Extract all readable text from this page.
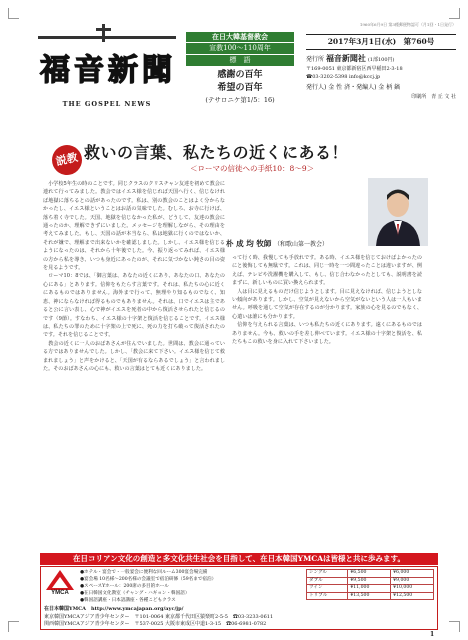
福 音 新 聞
THE GOSPEL NEWS
在日大韓基督教会
宣教100〜110周年
標　語
感謝の百年
希望の百年
(テサロニケ第1/5：16)
1960年6月9日 第3種郵便物認可（月1回・1日発行）
2017年3月1日(水)　第760号
発行所 福音新聞社 (1部100円)
〒169-0051 東京都新宿区西早稲田2-3-18
☎03-3202-5398 info@kccj.jp
発行人) 金 性 済・発編人) 金 柄 鎬
印刷所　青 丘 文 社
説教 救いの言葉、私たちの近くにある！
＜ローマの信徒への手紙10：8〜9＞
朴 成 均 牧師 （和歌山第一教会）

　小学校5年生の時のことです。同じクラスのクリスチャン友達を初めて教会に連れて行ってみました。教会ではイエス様を信じれば天国へ行く、信じなければ地獄に落ちるとの話があったのです。私は、別の教会のことはよく分からなかったし、イエス様ということはお話の気味でした。むしろ、お寺に行けば、落ち着く寺でした。天国、地獄を信じなかった私が、どうして、友達の教会に通ったのか、理解できずにいました。メッセージを理解しながら、その理由を考えてみました。もし、天国の話が本当なら、私は地獄に行くのではないか、それが嫌で、理解まで出来ないかを確認しました。しかし、イエス様を信じるようになったのは、それから十年後でした。今、振り返ってみれば、イエス様の方から私を導き、いつも身近にあったのが、それに気づかない鈍さの目の姿を見るようです。

　ローマ10：8では、「御言葉は、あなたの近くにあり、あなたの口、あなたの心にある」とあります。信仰をもたらす言葉です。それは、私たちの心に近くにあるものではありません。海外まで行って、無理やり知るものでなく、知恵、神にならなければ得るものでもありません。それは、口でイエスは主であると公に言い表し、心で神がイエスを死者の中から復活させられたと信じるのです（9節）。すなわち、イエス様の十字架と復活を信じることです。イエス様は、私たちの罪のために十字架の上で死に、死の力を打ち破って復活されたのです。それを信じることです。

　教会の近くに一人のおばあさんが住んでいました。世間は、教会に通っている方ではありませんでした。しかし、「教会に来て下さい。イエス様を信じて救まれましょう」と声をかけると、「天国が有るならあるでしょう」と言われました。そのおばあさんの心にも、救いの言葉はとても近くにありました。

って行く時、我慢しても手放れです。ある時、イエス様を信じておけばよかったのにと後悔しても無駄です。これは、同じ一時を一つ間違ったことは違いますが、例えば、テレビや洗濯機を購入して、もし、信じ合わなかったとしても、説明書を読まずに、新しいものに買い換えられます。

　人は目に見えるものだけ信じようとします。目に見えなければ、信じようとしない傾向があります。しかし、空気が見えないから空気がないという人は一人もいません。呼吸を通して空気が存在するのが分かります。家族の心を見るのでもなく、心遣いは誰にも分かります。

　信仰を与えられる言葉は、いつも私たちの近くにあります。遠くにあるものではありません。今も、救いの手を差し伸べています。イエス様の十字架と復活を、私たちもこの救いを身に入れて下さいました。

在日コリアン文化の創造と多文化共生社会を目指して、在日本韓国YMCAは皆様と共に歩みます。
YMCA
●ホテル・宴会で・一般宴会に便利な回ルーム300宴会場完備
●宴会場 10名様〜200名様の会議室で宿泊研修（59名まで宿泊）
●スペースYホール：200席の多目的ホール
●在日韓国文化教室（チャング・ハギョン・韓国語）
●韓国語講座・日本語講座・各種こどもクラス
シングル	¥6,500	¥6,000
ダブル	¥9,500	¥9,000
ツイン	¥11,000	¥10,000
トリプル	¥13,500	¥12,500
在日本韓国YMCA　http://www.ymcajapan.org/ayc/jp/
東京韓国YMCAアジア青少年センター　〒101-0064 東京都千代田区猿楽町2-5-5　☎03-3233-0611
関西韓国YMCAアジア青少年センター　〒537-0025 大阪市東成区中道1-3-15　☎06-6981-0782
1
